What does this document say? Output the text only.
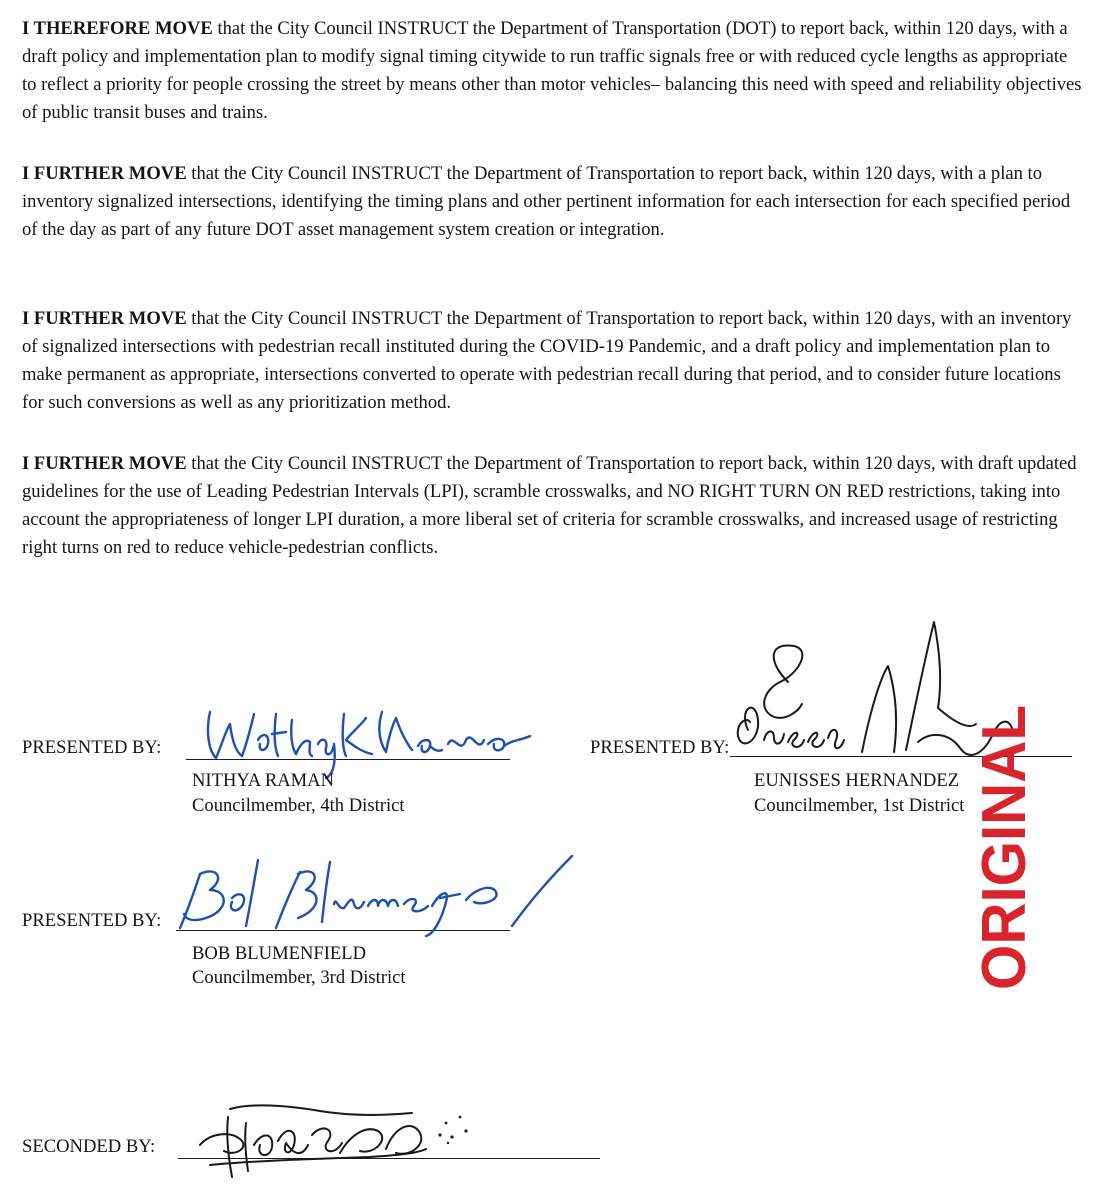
I THEREFORE MOVE that the City Council INSTRUCT the Department of Transportation (DOT) to report back, within 120 days, with a draft policy and implementation plan to modify signal timing citywide to run traffic signals free or with reduced cycle lengths as appropriate to reflect a priority for people crossing the street by means other than motor vehicles– balancing this need with speed and reliability objectives of public transit buses and trains.

I FURTHER MOVE that the City Council INSTRUCT the Department of Transportation to report back, within 120 days, with a plan to inventory signalized intersections, identifying the timing plans and other pertinent information for each intersection for each specified period of the day as part of any future DOT asset management system creation or integration.

I FURTHER MOVE that the City Council INSTRUCT the Department of Transportation to report back, within 120 days, with an inventory of signalized intersections with pedestrian recall instituted during the COVID-19 Pandemic, and a draft policy and implementation plan to make permanent as appropriate, intersections converted to operate with pedestrian recall during that period, and to consider future locations for such conversions as well as any prioritization method.

I FURTHER MOVE that the City Council INSTRUCT the Department of Transportation to report back, within 120 days, with draft updated guidelines for the use of Leading Pedestrian Intervals (LPI), scramble crosswalks, and NO RIGHT TURN ON RED restrictions, taking into account the appropriateness of longer LPI duration, a more liberal set of criteria for scramble crosswalks, and increased usage of restricting right turns on red to reduce vehicle-pedestrian conflicts.

PRESENTED BY:
NITHYA RAMAN
Councilmember, 4th District
PRESENTED BY:
EUNISSES HERNANDEZ
Councilmember, 1st District
PRESENTED BY:
BOB BLUMENFIELD
Councilmember, 3rd District
SECONDED BY:
ORIGINAL
